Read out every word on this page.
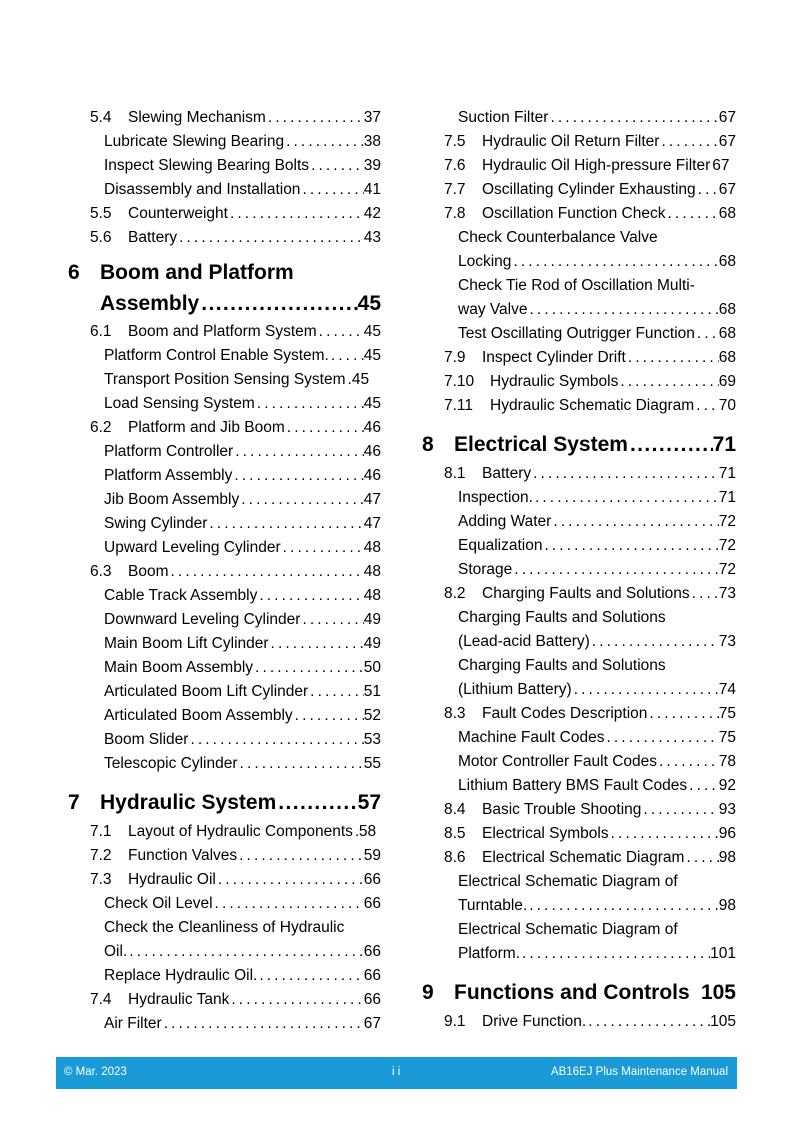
5.4	Slewing Mechanism . . .	37
Lubricate Slewing Bearing . . .	38
Inspect Slewing Bearing Bolts . . .	39
Disassembly and Installation . . .	41
5.5	Counterweight . . .	42
5.6	Battery . . .	43
6 Boom and Platform
Assembly .....	45
6.1	Boom and Platform System . . .	45
Platform Control Enable System. . . . 45
Transport Position Sensing System . . . .45
Load Sensing System . . .	45
6.2	Platform and Jib Boom . . .	46
Platform Controller . . .	46
Platform Assembly . . .	46
Jib Boom Assembly . . .	47
Swing Cylinder . . .	47
Upward Leveling Cylinder . . .	48
6.3	Boom . . .	48
Cable Track Assembly . . .	48
Downward Leveling Cylinder . . .	49
Main Boom Lift Cylinder . . .	49
Main Boom Assembly . . .	50
Articulated Boom Lift Cylinder . . .	51
Articulated Boom Assembly . . .	52
Boom Slider . . .	53
Telescopic Cylinder . . .	55
7 Hydraulic System .....	57
7.1	Layout of Hydraulic Components . . . 58
7.2	Function Valves . . .	59
7.3	Hydraulic Oil . . .	66
Check Oil Level . . .	66
Check the Cleanliness of Hydraulic
Oil. . . .	66
Replace Hydraulic Oil. . . .	66
7.4	Hydraulic Tank . . .	66
Air Filter . . .	67
Suction Filter . . .	67
7.5	Hydraulic Oil Return Filter . . .	67
7.6	Hydraulic Oil High-pressure Filter . . . 67
7.7	Oscillating Cylinder Exhausting . . . 67
7.8	Oscillation Function Check . . .	68
Check Counterbalance Valve
Locking . . .	68
Check Tie Rod of Oscillation Multi-
way Valve . . .	68
Test Oscillating Outrigger Function . . . 68
7.9	Inspect Cylinder Drift . . .	68
7.10	Hydraulic Symbols . . .	69
7.11	Hydraulic Schematic Diagram . . . 70
8 Electrical System .....	71
8.1	Battery . . .	71
Inspection. . . .	71
Adding Water . . .	72
Equalization . . .	72
Storage . . .	72
8.2	Charging Faults and Solutions . . . 73
Charging Faults and Solutions
(Lead-acid Battery) . . .	73
Charging Faults and Solutions
(Lithium Battery) . . .	74
8.3	Fault Codes Description . . .	75
Machine Fault Codes . . .	75
Motor Controller Fault Codes . . .	78
Lithium Battery BMS Fault Codes . . . 92
8.4	Basic Trouble Shooting . . .	93
8.5	Electrical Symbols . . .	96
8.6	Electrical Schematic Diagram . . . 98
Electrical Schematic Diagram of
Turntable. . . .	98
Electrical Schematic Diagram of
Platform. . . .	101
9 Functions and Controls 105
9.1	Drive Function. . . .	105
© Mar. 2023	i i	AB16EJ Plus Maintenance Manual
